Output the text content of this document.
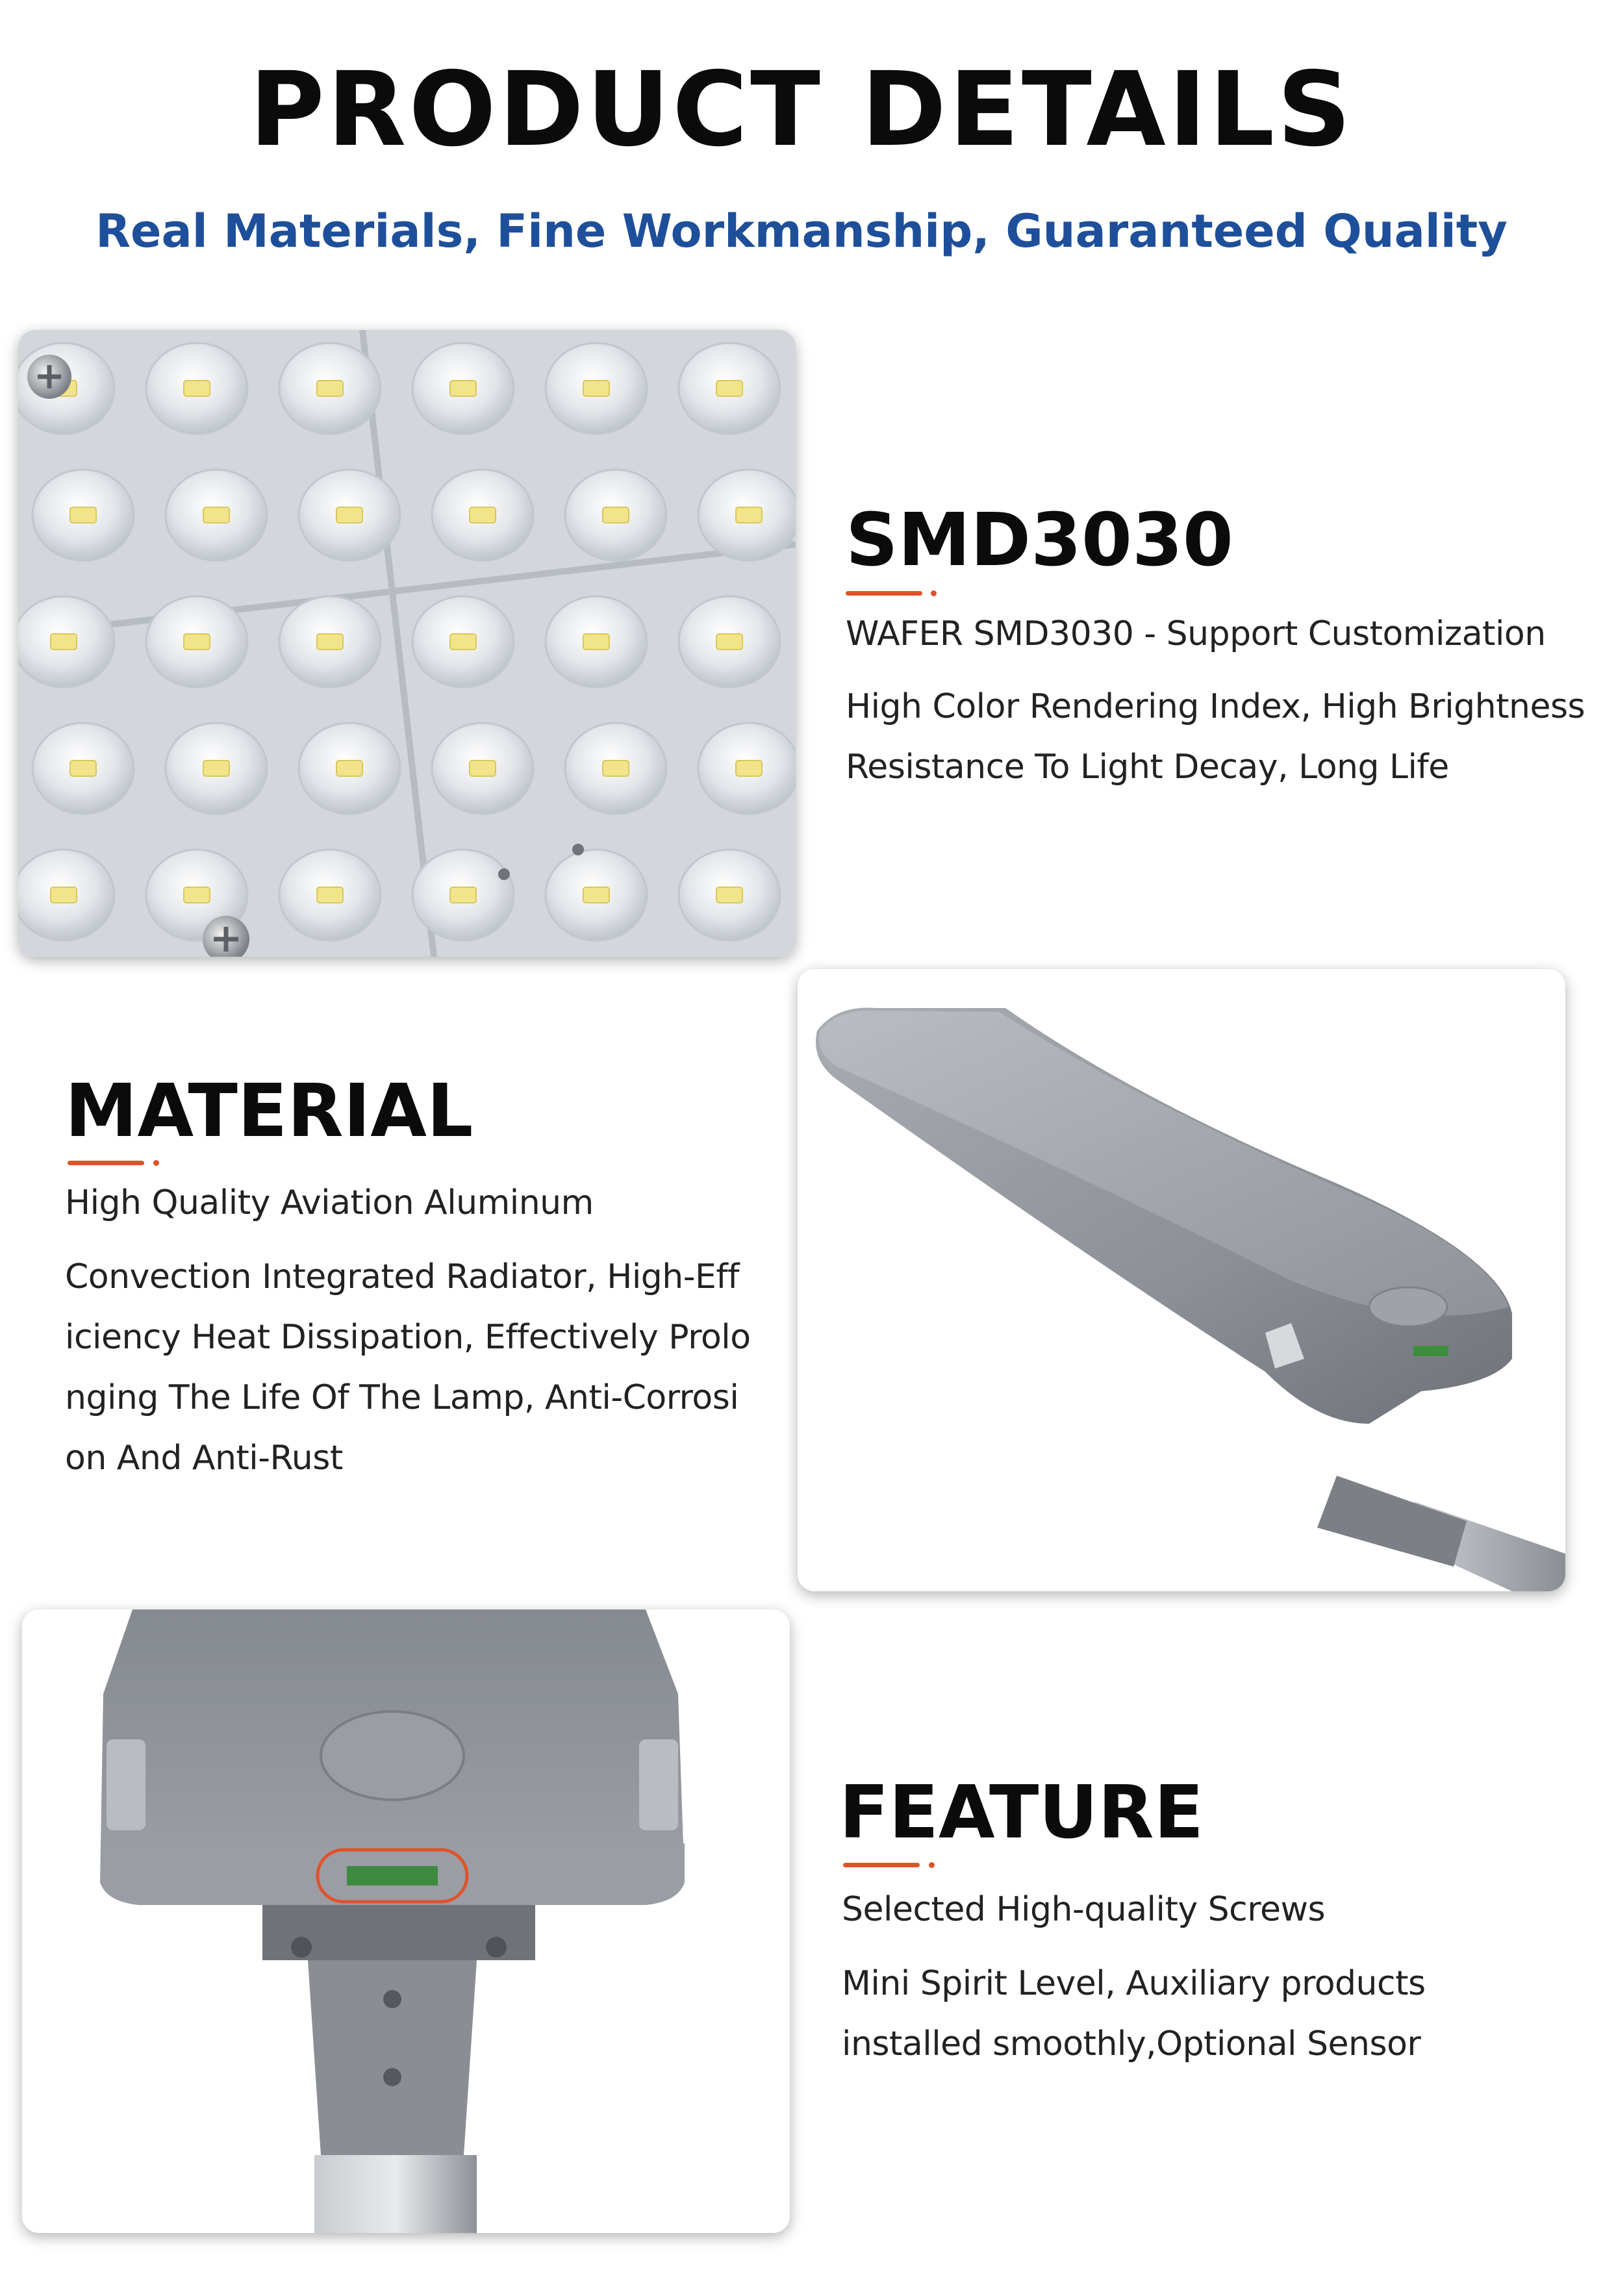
PRODUCT DETAILS
Real Materials, Fine Workmanship, Guaranteed Quality
SMD3030
WAFER SMD3030 - Support Customization
High Color Rendering Index, High Brightness
Resistance To Light Decay, Long Life
MATERIAL
High Quality Aviation Aluminum
Convection Integrated Radiator, High-Eff
iciency Heat Dissipation, Effectively Prolo
nging The Life Of The Lamp, Anti-Corrosi
on And Anti-Rust
FEATURE
Selected High-quality Screws
Mini Spirit Level, Auxiliary products
installed smoothly,Optional Sensor
